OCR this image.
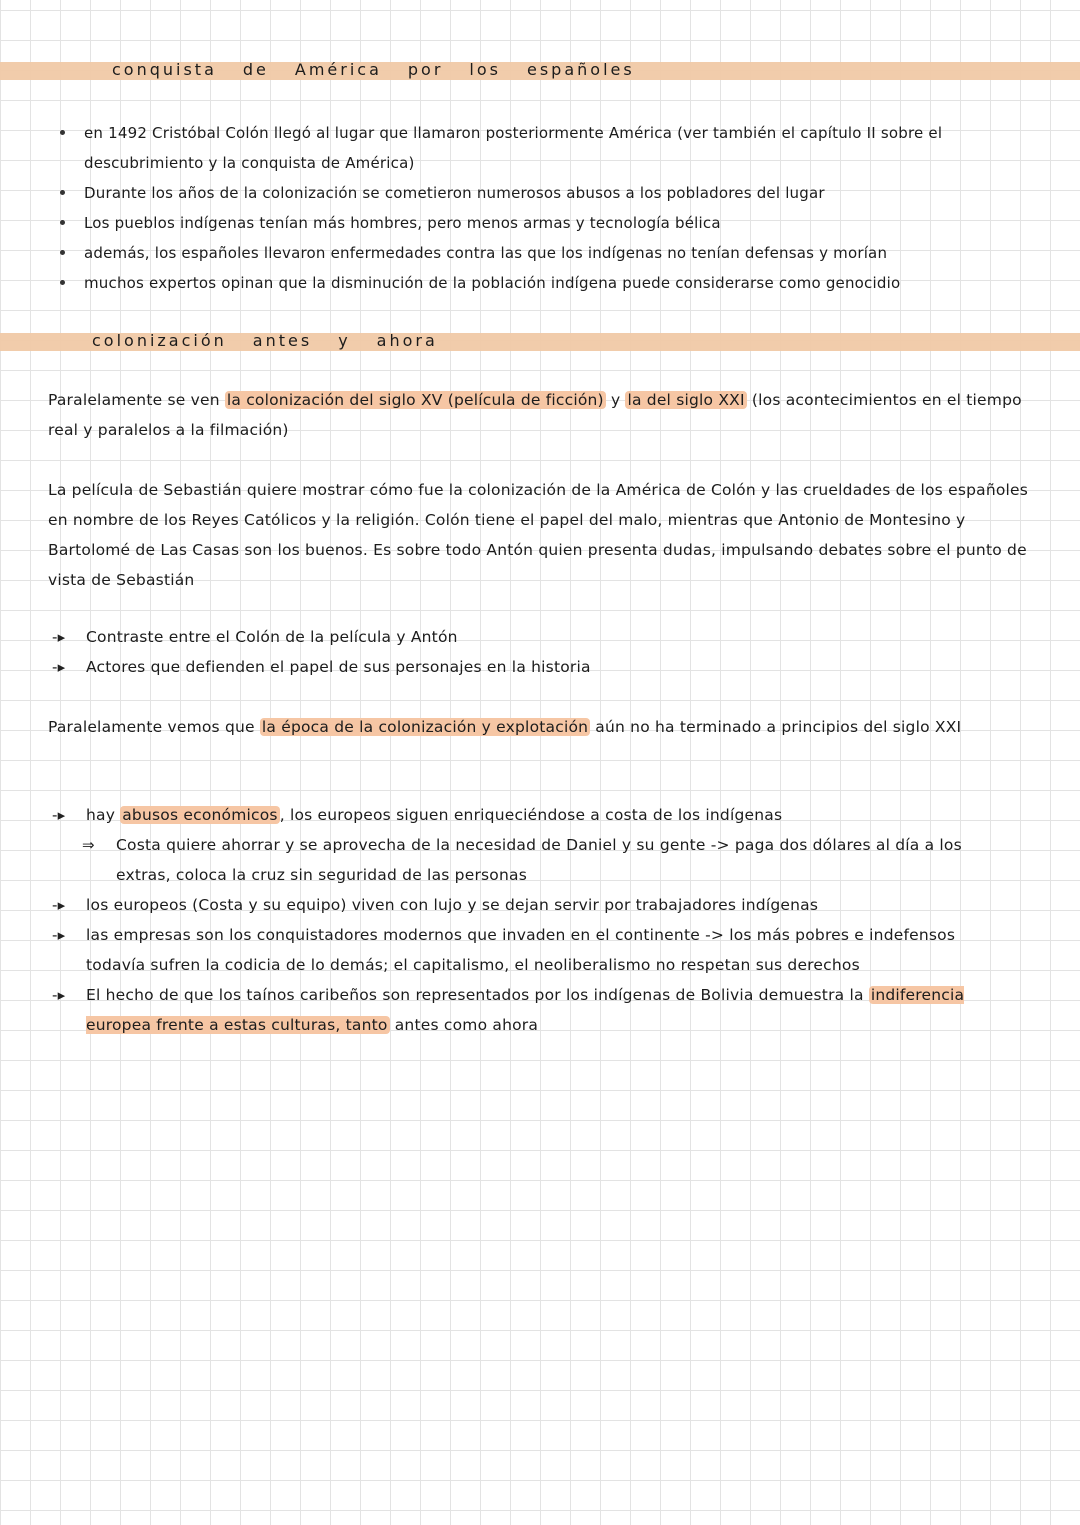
conquista de América por los españoles
en 1492 Cristóbal Colón llegó al lugar que llamaron posteriormente América (ver también el capítulo II sobre el descubrimiento y la conquista de América)
Durante los años de la colonización se cometieron numerosos abusos a los pobladores del lugar
Los pueblos indígenas tenían más hombres, pero menos armas y tecnología bélica
además, los españoles llevaron enfermedades contra las que los indígenas no tenían defensas y morían
muchos expertos opinan que la disminución de la población indígena puede considerarse como genocidio
colonización antes y ahora

Paralelamente se ven la colonización del siglo XV (película de ficción) y la del siglo XXI (los acontecimientos en el tiempo real y paralelos a la filmación)

La película de Sebastián quiere mostrar cómo fue la colonización de la América de Colón y las crueldades de los españoles en nombre de los Reyes Católicos y la religión. Colón tiene el papel del malo, mientras que Antonio de Montesino y Bartolomé de Las Casas son los buenos. Es sobre todo Antón quien presenta dudas, impulsando debates sobre el punto de vista de Sebastián

-▸ Contraste entre el Colón de la película y Antón
-▸ Actores que defienden el papel de sus personajes en la historia

Paralelamente vemos que la época de la colonización y explotación aún no ha terminado a principios del siglo XXI

-▸ hay abusos económicos , los europeos siguen enriqueciéndose a costa de los indígenas
⇒ Costa quiere ahorrar y se aprovecha de la necesidad de Daniel y su gente -> paga dos dólares al día a los extras, coloca la cruz sin seguridad de las personas
-▸ los europeos (Costa y su equipo) viven con lujo y se dejan servir por trabajadores indígenas
-▸ las empresas son los conquistadores modernos que invaden en el continente -> los más pobres e indefensos todavía sufren la codicia de lo demás; el capitalismo, el neoliberalismo no respetan sus derechos
-▸ El hecho de que los taínos caribeños son representados por los indígenas de Bolivia demuestra la indiferencia europea frente a estas culturas, tanto antes como ahora
